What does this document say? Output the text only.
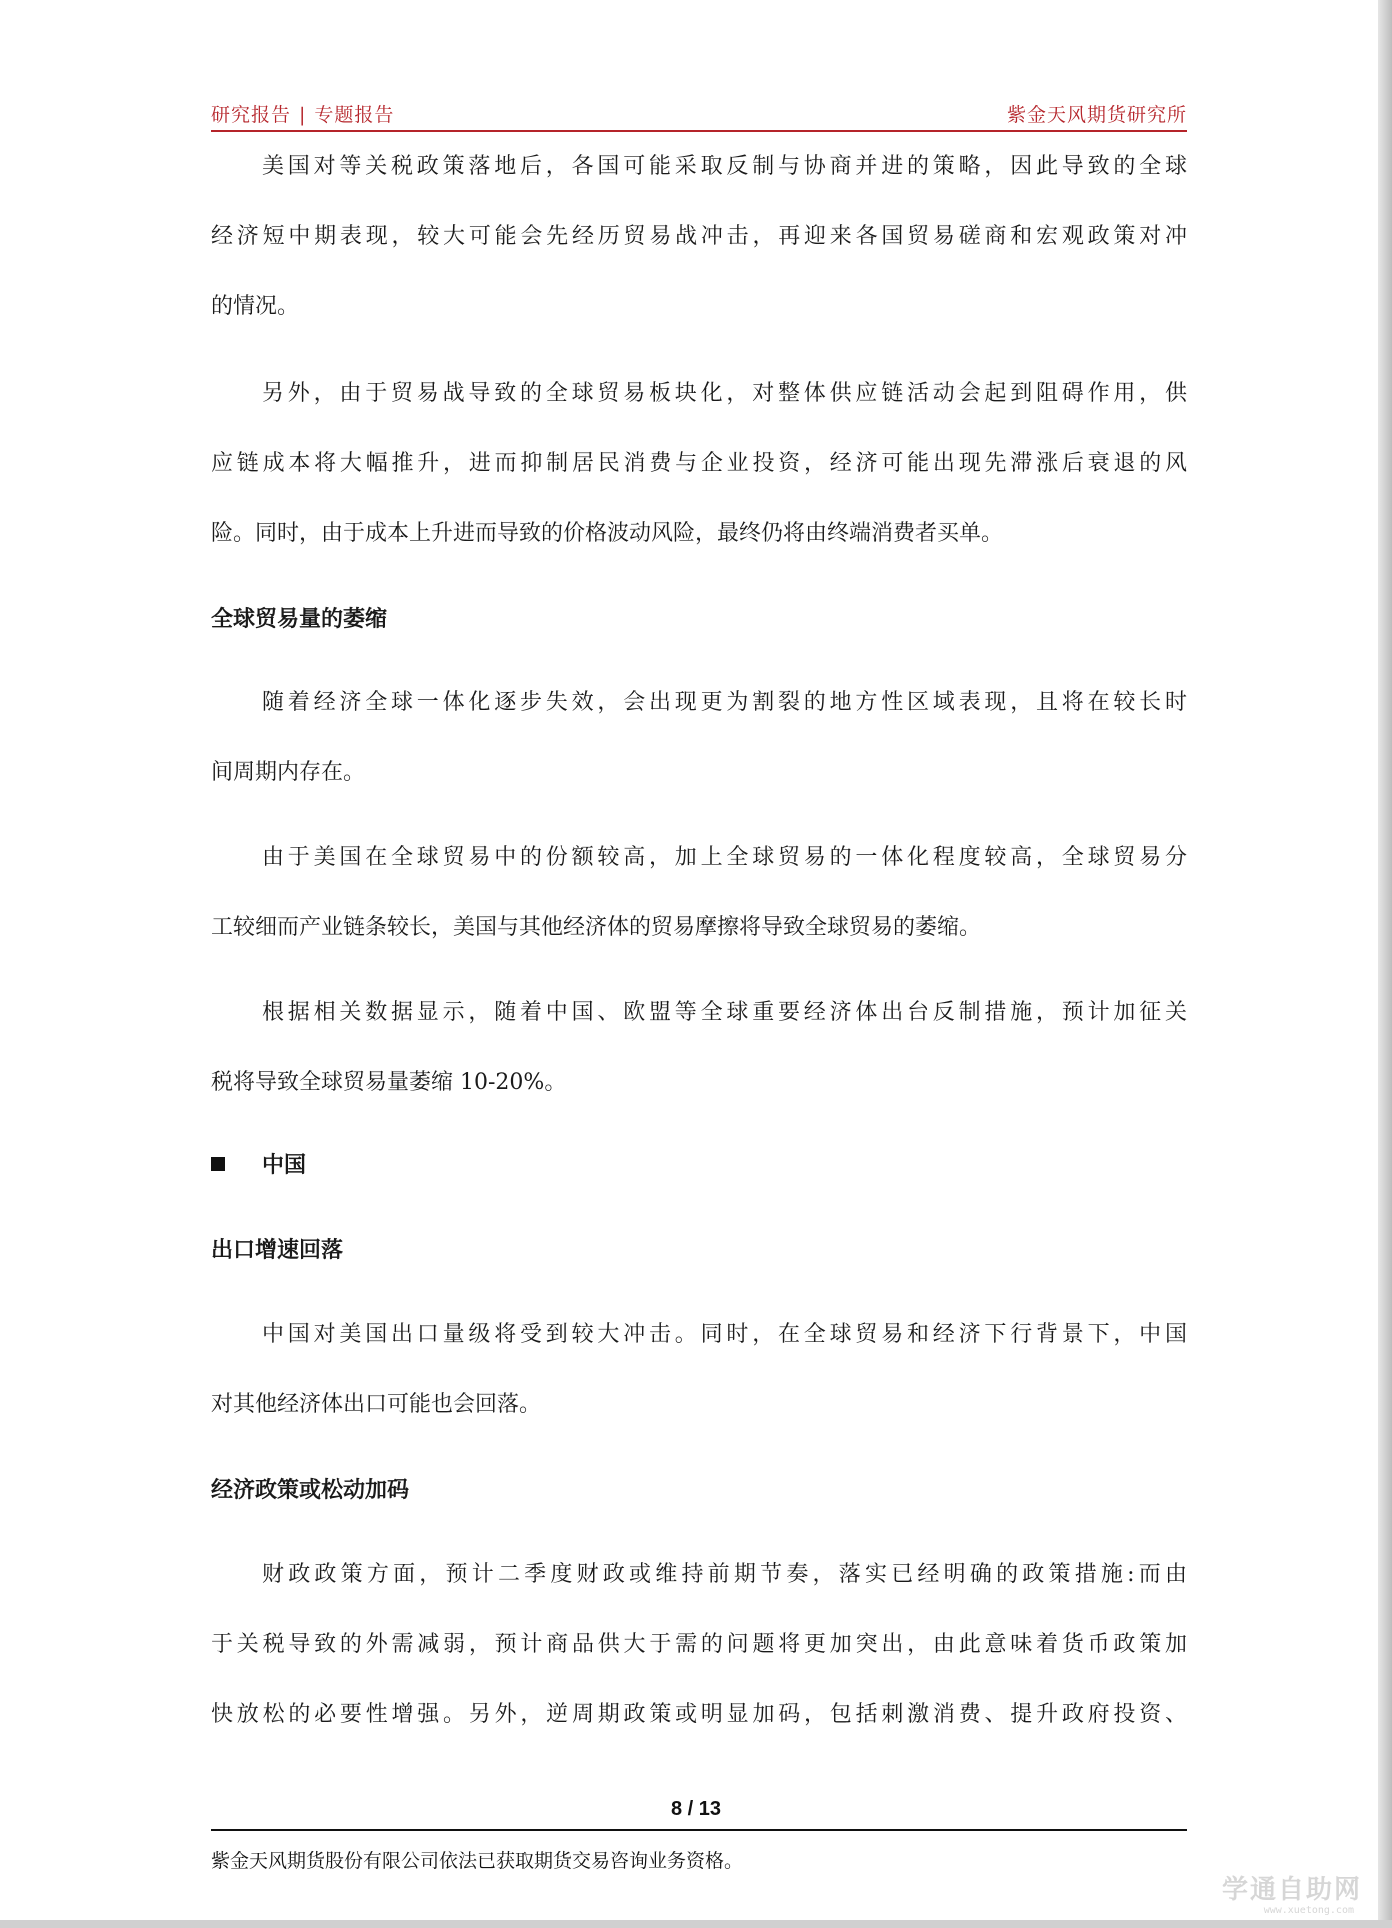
研究报告 | 专题报告	紫金天风期货研究所
美国对等关税政策落地后，各国可能采取反制与协商并进的策略，因此导致的全球
经济短中期表现，较大可能会先经历贸易战冲击，再迎来各国贸易磋商和宏观政策对冲
的情况。
另外，由于贸易战导致的全球贸易板块化，对整体供应链活动会起到阻碍作用，供
应链成本将大幅推升，进而抑制居民消费与企业投资，经济可能出现先滞涨后衰退的风
险。同时，由于成本上升进而导致的价格波动风险，最终仍将由终端消费者买单。
全球贸易量的萎缩
随着经济全球一体化逐步失效，会出现更为割裂的地方性区域表现，且将在较长时
间周期内存在。
由于美国在全球贸易中的份额较高，加上全球贸易的一体化程度较高，全球贸易分
工较细而产业链条较长，美国与其他经济体的贸易摩擦将导致全球贸易的萎缩。
根据相关数据显示，随着中国、欧盟等全球重要经济体出台反制措施，预计加征关
税将导致全球贸易量萎缩 10-20%。
中国
出口增速回落
中国对美国出口量级将受到较大冲击。同时，在全球贸易和经济下行背景下，中国
对其他经济体出口可能也会回落。
经济政策或松动加码
财政政策方面，预计二季度财政或维持前期节奏，落实已经明确的政策措施:而由
于关税导致的外需减弱，预计商品供大于需的问题将更加突出，由此意味着货币政策加
快放松的必要性增强。另外，逆周期政策或明显加码，包括刺激消费、提升政府投资、
8 / 13
紫金天风期货股份有限公司依法已获取期货交易咨询业务资格。
学通自助网
www.xuetong.com
